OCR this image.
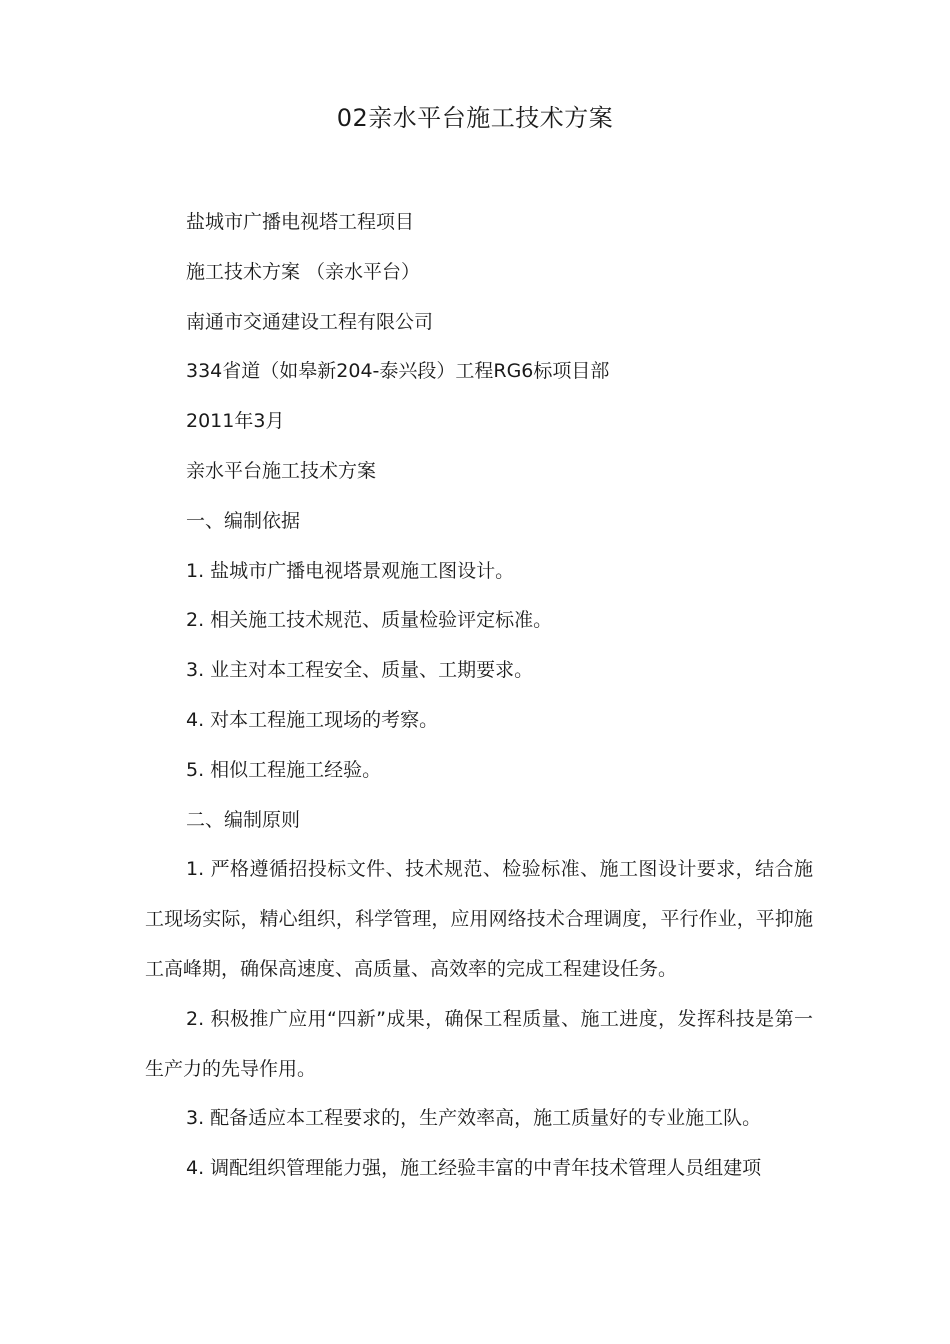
02亲水平台施工技术方案

盐城市广播电视塔工程项目

施工技术方案 （亲水平台）

南通市交通建设工程有限公司

334省道（如皋新204-泰兴段）工程RG6标项目部

2011年3月

亲水平台施工技术方案

一、编制依据

1. 盐城市广播电视塔景观施工图设计。

2. 相关施工技术规范、质量检验评定标准。

3. 业主对本工程安全、质量、工期要求。

4. 对本工程施工现场的考察。

5. 相似工程施工经验。

二、编制原则

1. 严格遵循招投标文件、技术规范、检验标准、施工图设计要求，结合施工现场实际，精心组织，科学管理，应用网络技术合理调度，平行作业，平抑施工高峰期，确保高速度、高质量、高效率的完成工程建设任务。

2. 积极推广应用“四新”成果，确保工程质量、施工进度，发挥科技是第一生产力的先导作用。

3. 配备适应本工程要求的，生产效率高，施工质量好的专业施工队。

4. 调配组织管理能力强，施工经验丰富的中青年技术管理人员组建项
